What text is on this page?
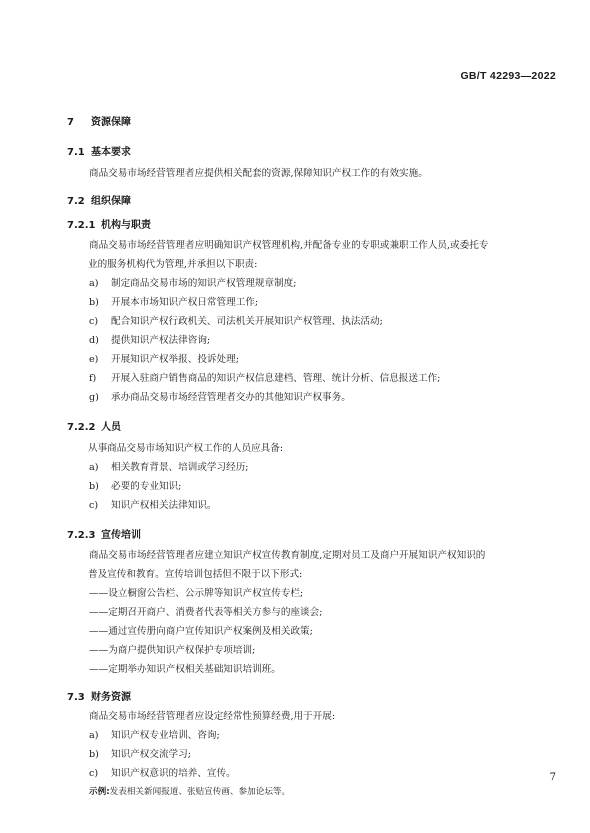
GB/T 42293—2022
7 资源保障
7.1 基本要求
商品交易市场经营管理者应提供相关配套的资源,保障知识产权工作的有效实施。
7.2 组织保障
7.2.1 机构与职责
商品交易市场经营管理者应明确知识产权管理机构,并配备专业的专职或兼职工作人员,或委托专
业的服务机构代为管理,并承担以下职责:
a) 制定商品交易市场的知识产权管理规章制度;
b) 开展本市场知识产权日常管理工作;
c) 配合知识产权行政机关、司法机关开展知识产权管理、执法活动;
d) 提供知识产权法律咨询;
e) 开展知识产权举报、投诉处理;
f) 开展入驻商户销售商品的知识产权信息建档、管理、统计分析、信息报送工作;
g) 承办商品交易市场经营管理者交办的其他知识产权事务。
7.2.2 人员
从事商品交易市场知识产权工作的人员应具备:
a) 相关教育背景、培训或学习经历;
b) 必要的专业知识;
c) 知识产权相关法律知识。
7.2.3 宣传培训
商品交易市场经营管理者应建立知识产权宣传教育制度,定期对员工及商户开展知识产权知识的
普及宣传和教育。宣传培训包括但不限于以下形式:
——设立橱窗公告栏、公示牌等知识产权宣传专栏;
——定期召开商户、消费者代表等相关方参与的座谈会;
——通过宣传册向商户宣传知识产权案例及相关政策;
——为商户提供知识产权保护专项培训;
——定期举办知识产权相关基础知识培训班。
7.3 财务资源
商品交易市场经营管理者应设定经常性预算经费,用于开展:
a) 知识产权专业培训、咨询;
b) 知识产权交流学习;
c) 知识产权意识的培养、宣传。
示例:发表相关新闻报道、张贴宣传画、参加论坛等。
7
